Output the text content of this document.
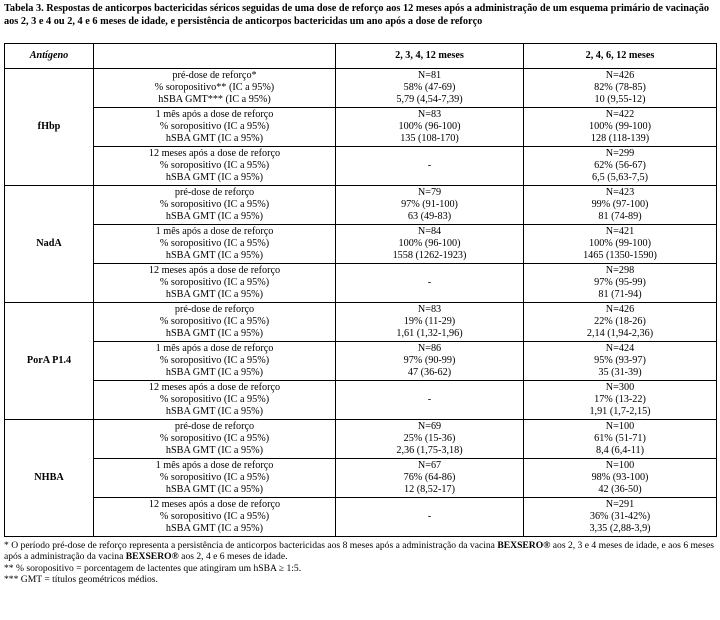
Tabela 3. Respostas de anticorpos bactericidas séricos seguidas de uma dose de reforço aos 12 meses após a administração de um esquema primário de vacinação aos 2, 3 e 4 ou 2, 4 e 6 meses de idade, e persistência de anticorpos bactericidas um ano após a dose de reforço
Antígeno		2, 3, 4, 12 meses	2, 4, 6, 12 meses
fHbp	pré-dose de reforço*
% soropositivo** (IC a 95%)
hSBA GMT*** (IC a 95%)	N=81
58% (47-69)
5,79 (4,54-7,39)	N=426
82% (78-85)
10 (9,55-12)

	1 mês após a dose de reforço
% soropositivo (IC a 95%)
hSBA GMT (IC a 95%)	N=83
100% (96-100)
135 (108-170)	N=422
100% (99-100)
128 (118-139)

	12 meses após a dose de reforço
% soropositivo (IC a 95%)
hSBA GMT (IC a 95%)	-	N=299
62% (56-67)
6,5 (5,63-7,5)

NadA	pré-dose de reforço
% soropositivo (IC a 95%)
hSBA GMT (IC a 95%)	N=79
97% (91-100)
63 (49-83)	N=423
99% (97-100)
81 (74-89)

	1 mês após a dose de reforço
% soropositivo (IC a 95%)
hSBA GMT (IC a 95%)	N=84
100% (96-100)
1558 (1262-1923)	N=421
100% (99-100)
1465 (1350-1590)

	12 meses após a dose de reforço
% soropositivo (IC a 95%)
hSBA GMT (IC a 95%)	-	N=298
97% (95-99)
81 (71-94)

PorA P1.4	pré-dose de reforço
% soropositivo (IC a 95%)
hSBA GMT (IC a 95%)	N=83
19% (11-29)
1,61 (1,32-1,96)	N=426
22% (18-26)
2,14 (1,94-2,36)

	1 mês após a dose de reforço
% soropositivo (IC a 95%)
hSBA GMT (IC a 95%)	N=86
97% (90-99)
47 (36-62)	N=424
95% (93-97)
35 (31-39)

	12 meses após a dose de reforço
% soropositivo (IC a 95%)
hSBA GMT (IC a 95%)	-	N=300
17% (13-22)
1,91 (1,7-2,15)

NHBA	pré-dose de reforço
% soropositivo (IC a 95%)
hSBA GMT (IC a 95%)	N=69
25% (15-36)
2,36 (1,75-3,18)	N=100
61% (51-71)
8,4 (6,4-11)

	1 mês após a dose de reforço
% soropositivo (IC a 95%)
hSBA GMT (IC a 95%)	N=67
76% (64-86)
12 (8,52-17)	N=100
98% (93-100)
42 (36-50)

	12 meses após a dose de reforço
% soropositivo (IC a 95%)
hSBA GMT (IC a 95%)	-	N=291
36% (31-42%)
3,35 (2,88-3,9)

* O período pré-dose de reforço representa a persistência de anticorpos bactericidas aos 8 meses após a administração da vacina BEXSERO® aos 2, 3 e 4 meses de idade, e aos 6 meses após a administração da vacina BEXSERO® aos 2, 4 e 6 meses de idade.

** % soropositivo = porcentagem de lactentes que atingiram um hSBA ≥ 1:5.

*** GMT = títulos geométricos médios.
